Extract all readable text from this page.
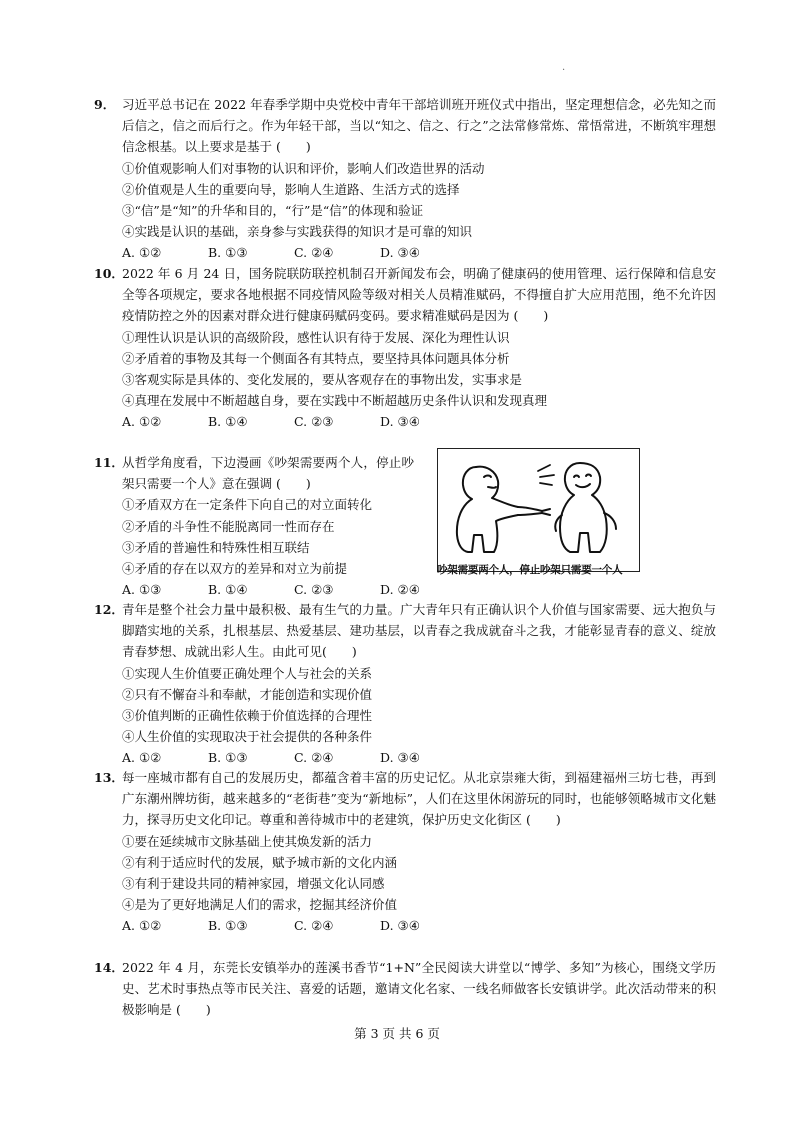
.
9． 习近平总书记在 2022 年春季学期中央党校中青年干部培训班开班仪式中指出，坚定理想信念，必先知之而后信之，信之而后行之。作为年轻干部，当以“知之、信之、行之”之法常修常炼、常悟常进，不断筑牢理想信念根基。以上要求是基于 (　　)
①价值观影响人们对事物的认识和评价，影响人们改造世界的活动
②价值观是人生的重要向导，影响人生道路、生活方式的选择
③“信”是“知”的升华和目的，“行”是“信”的体现和验证
④实践是认识的基础，亲身参与实践获得的知识才是可靠的知识
A. ①②	B. ①③	C. ②④	D. ③④
10．
2022 年 6 月 24 日，国务院联防联控机制召开新闻发布会，明确了健康码的使用管理、运行保障和信息安全等各项规定，要求各地根据不同疫情风险等级对相关人员精准赋码，不得擅自扩大应用范围，绝不允许因疫情防控之外的因素对群众进行健康码赋码变码。要求精准赋码是因为 (　　)
①理性认识是认识的高级阶段，感性认识有待于发展、深化为理性认识
②矛盾着的事物及其每一个侧面各有其特点，要坚持具体问题具体分析
③客观实际是具体的、变化发展的，要从客观存在的事物出发，实事求是
④真理在发展中不断超越自身，要在实践中不断超越历史条件认识和发现真理
A. ①②	B. ①④	C. ②③	D. ③④
11．
从哲学角度看，下边漫画《吵架需要两个人，停止吵架只需要一个人》意在强调 (　　)
①矛盾双方在一定条件下向自己的对立面转化
②矛盾的斗争性不能脱离同一性而存在
③矛盾的普遍性和特殊性相互联结
④矛盾的存在以双方的差异和对立为前提
A. ①③	B. ①④	C. ②③	D. ②④
吵架需要两个人，停止吵架只需要一个人
12．
青年是整个社会力量中最积极、最有生气的力量。广大青年只有正确认识个人价值与国家需要、远大抱负与脚踏实地的关系，扎根基层、热爱基层、建功基层，以青春之我成就奋斗之我，才能彰显青春的意义、绽放青春梦想、成就出彩人生。由此可见(　　)
①实现人生价值要正确处理个人与社会的关系
②只有不懈奋斗和奉献，才能创造和实现价值
③价值判断的正确性依赖于价值选择的合理性
④人生价值的实现取决于社会提供的各种条件
A. ①②	B. ①③	C. ②④	D. ③④
13．
每一座城市都有自己的发展历史，都蕴含着丰富的历史记忆。从北京崇雍大街，到福建福州三坊七巷，再到广东潮州牌坊街，越来越多的“老街巷”变为“新地标”，人们在这里休闲游玩的同时，也能够领略城市文化魅力，探寻历史文化印记。尊重和善待城市中的老建筑，保护历史文化街区 (　　)
①要在延续城市文脉基础上使其焕发新的活力
②有利于适应时代的发展，赋予城市新的文化内涵
③有利于建设共同的精神家园，增强文化认同感
④是为了更好地满足人们的需求，挖掘其经济价值
A. ①②	B. ①③	C. ②④	D. ③④
14．
2022 年 4 月，东莞长安镇举办的莲溪书香节“1+N”全民阅读大讲堂以“博学、多知”为核心，围绕文学历史、艺术时事热点等市民关注、喜爱的话题，邀请文化名家、一线名师做客长安镇讲学。此次活动带来的积极影响是 (　　)
第 3 页 共 6 页
